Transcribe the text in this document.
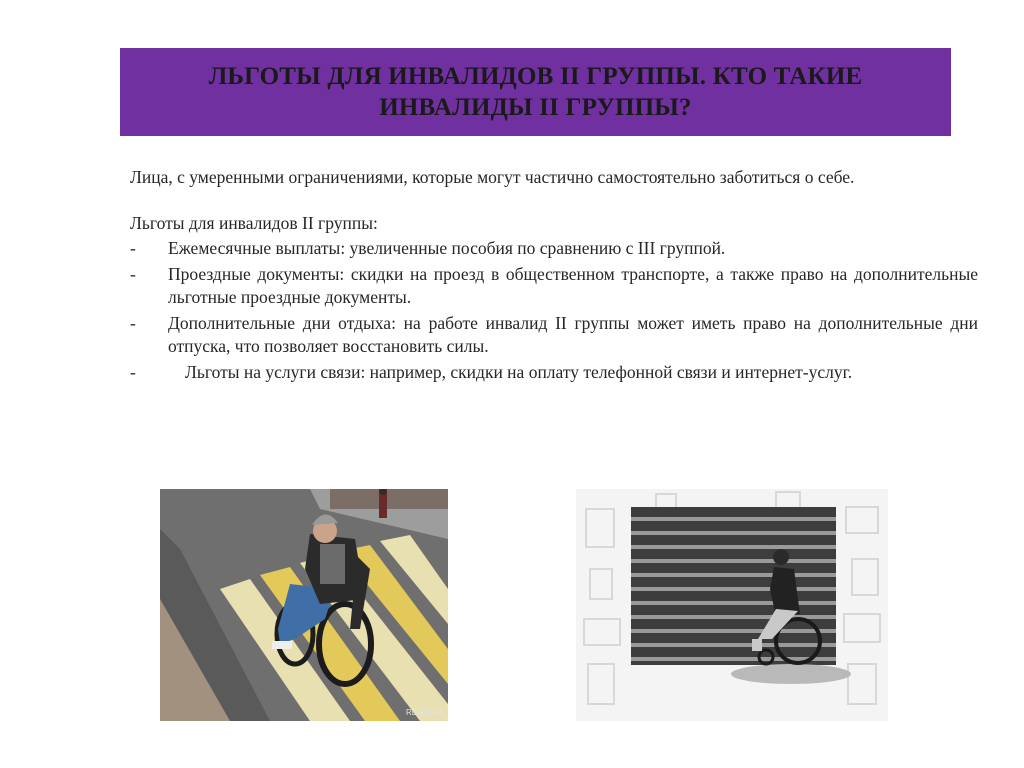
ЛЬГОТЫ ДЛЯ ИНВАЛИДОВ II ГРУППЫ. КТО ТАКИЕ ИНВАЛИДЫ II ГРУППЫ?

Лица, с умеренными ограничениями, которые могут частично самостоятельно заботиться о себе.

Льготы для инвалидов II группы:

- Ежемесячные выплаты: увеличенные пособия по сравнению с III группой.
- Проездные документы: скидки на проезд в общественном транспорте, а также право на дополнительные льготные проездные документы.
- Дополнительные дни отдыха: на работе инвалид II группы может иметь право на дополнительные дни отпуска, что позволяет восстановить силы.
-	Льготы на услуги связи: например, скидки на оплату телефонной связи и интернет-услуг.
REGNUM
